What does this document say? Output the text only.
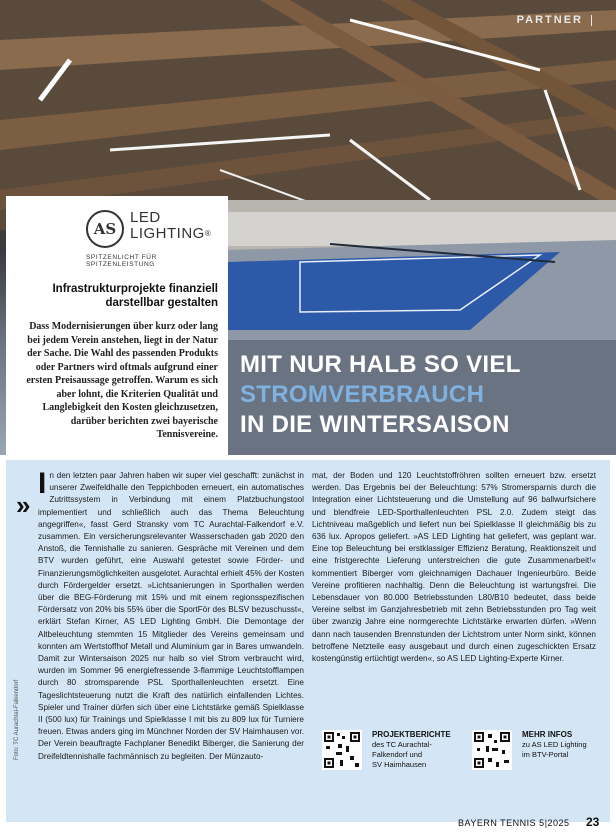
PARTNER
AS
LED
LIGHTING®
SPITZENLICHT FÜR SPITZENLEISTUNG
Infrastrukturprojekte finanziell darstellbar gestalten

Dass Modernisierungen über kurz oder lang bei jedem Verein anstehen, liegt in der Natur der Sache. Die Wahl des passenden Produkts oder Partners wird oftmals aufgrund einer ersten Preisaussage getroffen. Warum es sich aber lohnt, die Kriterien Qualität und Langlebigkeit den Kosten gleichzusetzen, darüber berichten zwei bayerische Tennisvereine.

MIT NUR HALB SO VIEL
STROMVERBRAUCH
IN DIE WINTERSAISON
»
I n den letzten paar Jahren haben wir super viel geschafft: zunächst in unserer Zweifeldhalle den Teppichboden erneuert, ein automatisches Zutrittssystem in Verbindung mit einem Platzbuchungstool implementiert und schließlich auch das Thema Beleuchtung angegriffen«, fasst Gerd Stransky vom TC Aurachtal-Falkendorf e.V. zusammen. Ein versicherungsrelevanter Wasserschaden gab 2020 den Anstoß, die Tennishalle zu sanieren. Gespräche mit Vereinen und dem BTV wurden geführt, eine Auswahl getestet sowie Förder- und Finanzierungsmöglichkeiten ausgelotet. Aurachtal erhielt 45% der Kosten durch Fördergelder ersetzt. »Lichtsanierungen in Sporthallen werden über die BEG-Förderung mit 15% und mit einem regionsspezifischen Fördersatz von 20% bis 55% über die SportFör des BLSV bezuschusst«, erklärt Stefan Kirner, AS LED Lighting GmbH. Die Demontage der Altbeleuchtung stemmten 15 Mitglieder des Vereins gemeinsam und konnten am Wertstoffhof Metall und Aluminium gar in Bares umwandeln. Damit zur Wintersaison 2025 nur halb so viel Strom verbraucht wird, wurden im Sommer 96 energiefressende 3-flammige Leuchtstofflampen durch 80 stromsparende PSL Sporthallenleuchten ersetzt. Eine Tageslichtsteuerung nutzt die Kraft des natürlich einfallenden Lichtes. Spieler und Trainer dürfen sich über eine Lichtstärke gemäß Spielklasse II (500 lux) für Trainings und Spielklasse I mit bis zu 809 lux für Turniere freuen. Etwas anders ging im Münchner Norden der SV Haimhausen vor. Der Verein beauftragte Fachplaner Benedikt Biberger, die Sanierung der Dreifeldtennishalle fachmännisch zu begleiten. Der Münzauto-
mat, der Boden und 120 Leuchtstoffröhren sollten erneuert bzw. ersetzt werden. Das Ergebnis bei der Beleuchtung: 57% Stromersparnis durch die Integration einer Lichtsteuerung und die Umstellung auf 96 ballwurfsichere und blendfreie LED-Sporthallenleuchten PSL 2.0. Zudem steigt das Lichtniveau maßgeblich und liefert nun bei Spielklasse II gleichmäßig bis zu 636 lux. Apropos geliefert. »AS LED Lighting hat geliefert, was geplant war. Eine top Beleuchtung bei erstklassiger Effizienz Beratung, Reaktionszeit und eine fristgerechte Lieferung unterstreichen die gute Zusammenarbeit!« kommentiert Biberger vom gleichnamigen Dachauer Ingenieurbüro. Beide Vereine profitieren nachhaltig. Denn die Beleuchtung ist wartungsfrei. Die Lebensdauer von 80.000 Betriebsstunden L80/B10 bedeutet, dass beide Vereine selbst im Ganzjahresbetrieb mit zehn Betriebsstunden pro Tag weit über zwanzig Jahre eine normgerechte Lichtstärke erwarten dürfen. »Wenn dann nach tausenden Brennstunden der Lichtstrom unter Norm sinkt, können betroffene Netzteile easy ausgebaut und durch einen zugeschickten Ersatz kostengünstig ertüchtigt werden«, so AS LED Lighting-Experte Kirner.
Foto: TC Aurachtal-Falkendorf	PROJEKTBERICHTE
des TC Aurachtal-
Falkendorf und
SV Haimhausen
MEHR INFOS
zu AS LED Lighting
im BTV-Portal
BAYERN TENNIS 5|2025 23
